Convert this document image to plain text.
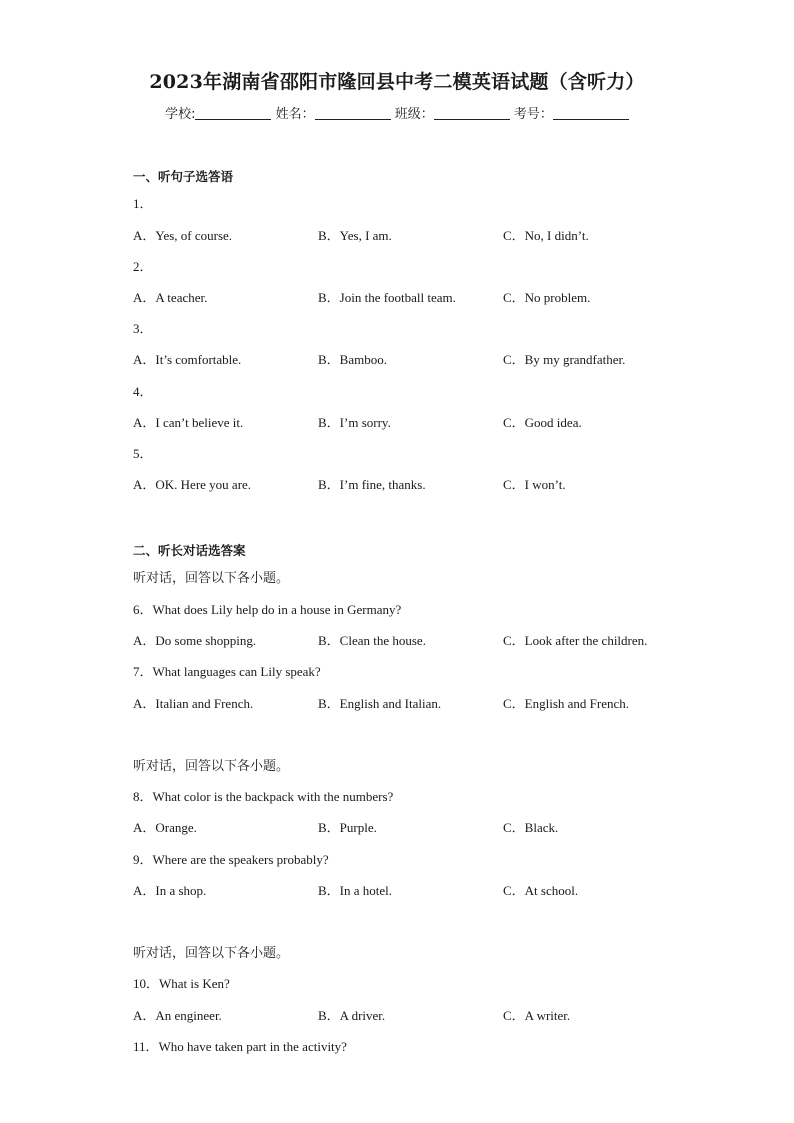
2023年湖南省邵阳市隆回县中考二模英语试题（含听力）
学校:	姓名：	班级：	考号：
一、听句子选答语
1．
A．Yes, of course.	B．Yes, I am.	C．No, I didn’t.
2．
A．A teacher.	B．Join the football team.	C．No problem.
3．
A．It’s comfortable.	B．Bamboo.	C．By my grandfather.
4．
A．I can’t believe it.	B．I’m sorry.	C．Good idea.
5．
A．OK. Here you are.	B．I’m fine, thanks.	C．I won’t.
二、听长对话选答案
听对话，回答以下各小题。
6．What does Lily help do in a house in Germany?
A．Do some shopping.	B．Clean the house.	C．Look after the children.
7．What languages can Lily speak?
A．Italian and French.	B．English and Italian.	C．English and French.
听对话，回答以下各小题。
8．What color is the backpack with the numbers?
A．Orange.	B．Purple.	C．Black.
9．Where are the speakers probably?
A．In a shop.	B．In a hotel.	C．At school.
听对话，回答以下各小题。
10．What is Ken?
A．An engineer.	B．A driver.	C．A writer.
11．Who have taken part in the activity?
